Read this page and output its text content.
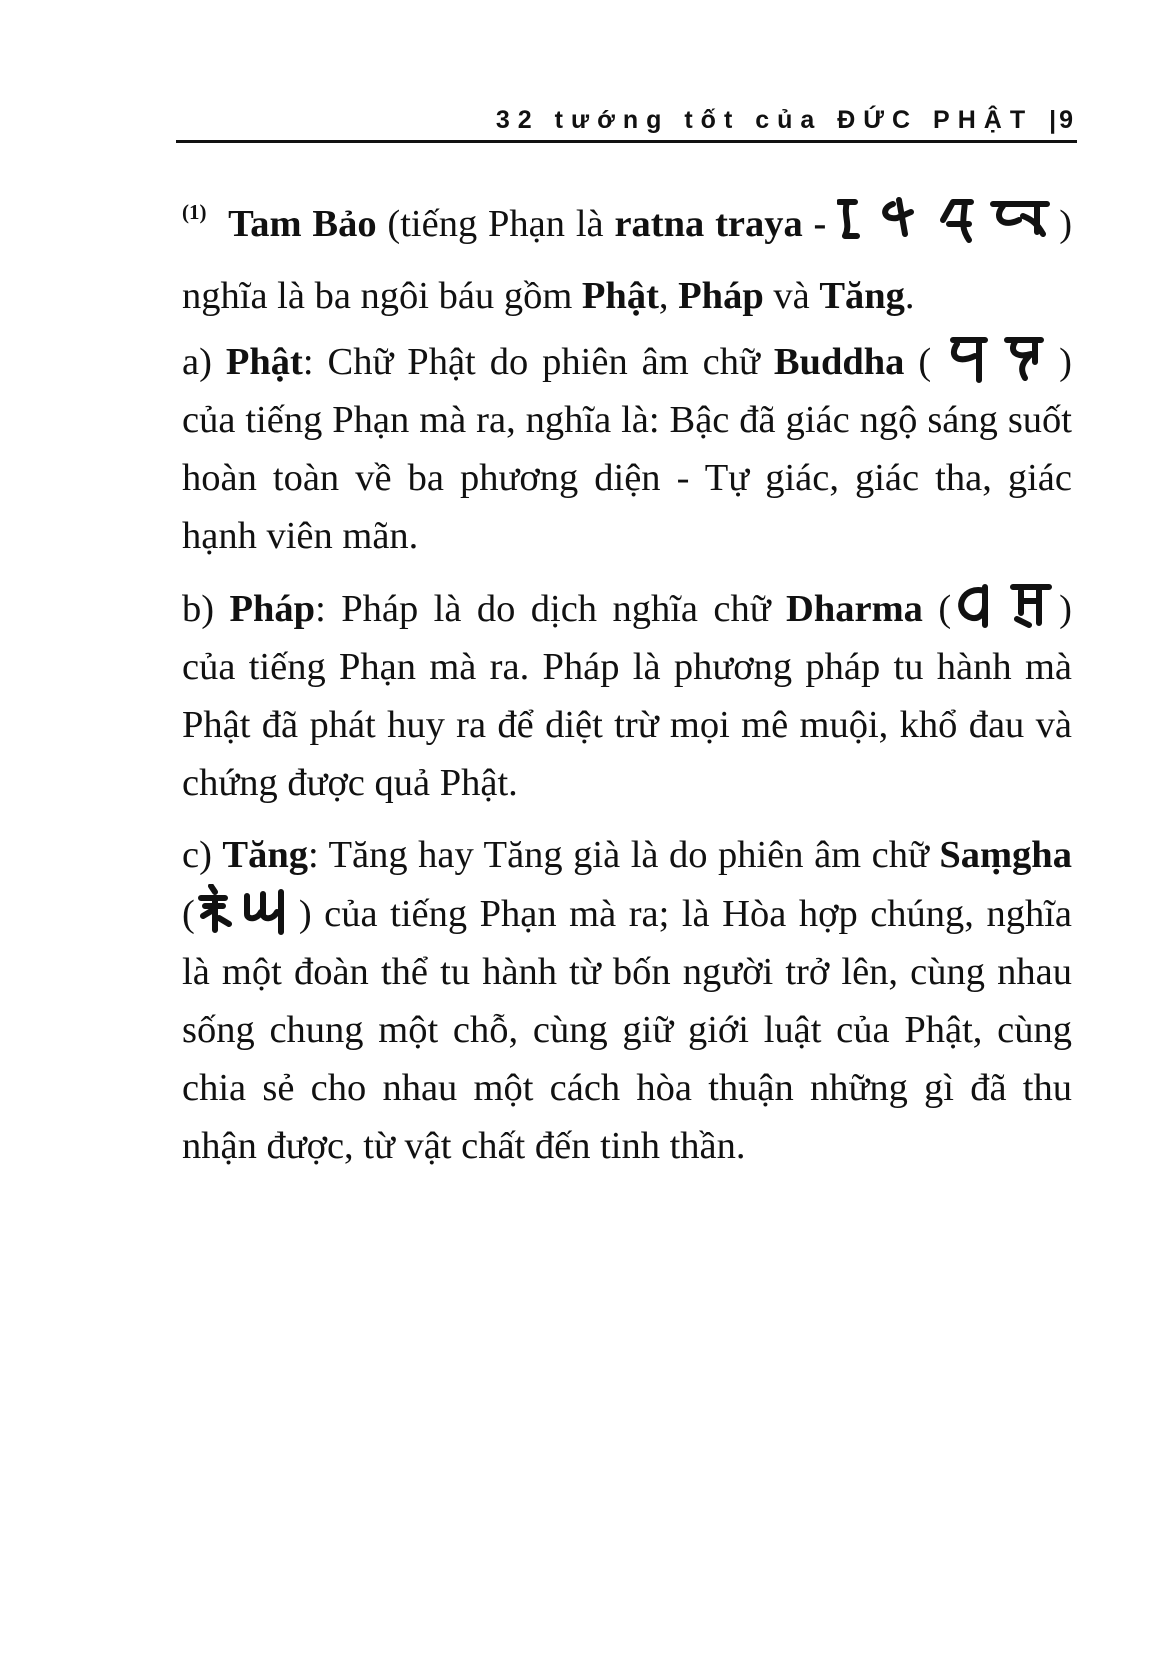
32 tướng tốt của ĐỨC PHẬT |9

$^{(1)}$ Tam Bảo (tiếng Phạn là ratna traya -	) nghĩa là ba ngôi báu gồm Phật, Pháp và Tăng.

a) Phật: Chữ Phật do phiên âm chữ Buddha (	) của tiếng Phạn mà ra, nghĩa là: Bậc đã giác ngộ sáng suốt hoàn toàn về ba phương diện - Tự giác, giác tha, giác hạnh viên mãn.

b) Pháp: Pháp là do dịch nghĩa chữ Dharma (	) của tiếng Phạn mà ra. Pháp là phương pháp tu hành mà Phật đã phát huy ra để diệt trừ mọi mê muội, khổ đau và chứng được quả Phật.

c) Tăng: Tăng hay Tăng già là do phiên âm chữ Saṃgha (	) của tiếng Phạn mà ra; là Hòa hợp chúng, nghĩa là một đoàn thể tu hành từ bốn người trở lên, cùng nhau sống chung một chỗ, cùng giữ giới luật của Phật, cùng chia sẻ cho nhau một cách hòa thuận những gì đã thu nhận được, từ vật chất đến tinh thần.
